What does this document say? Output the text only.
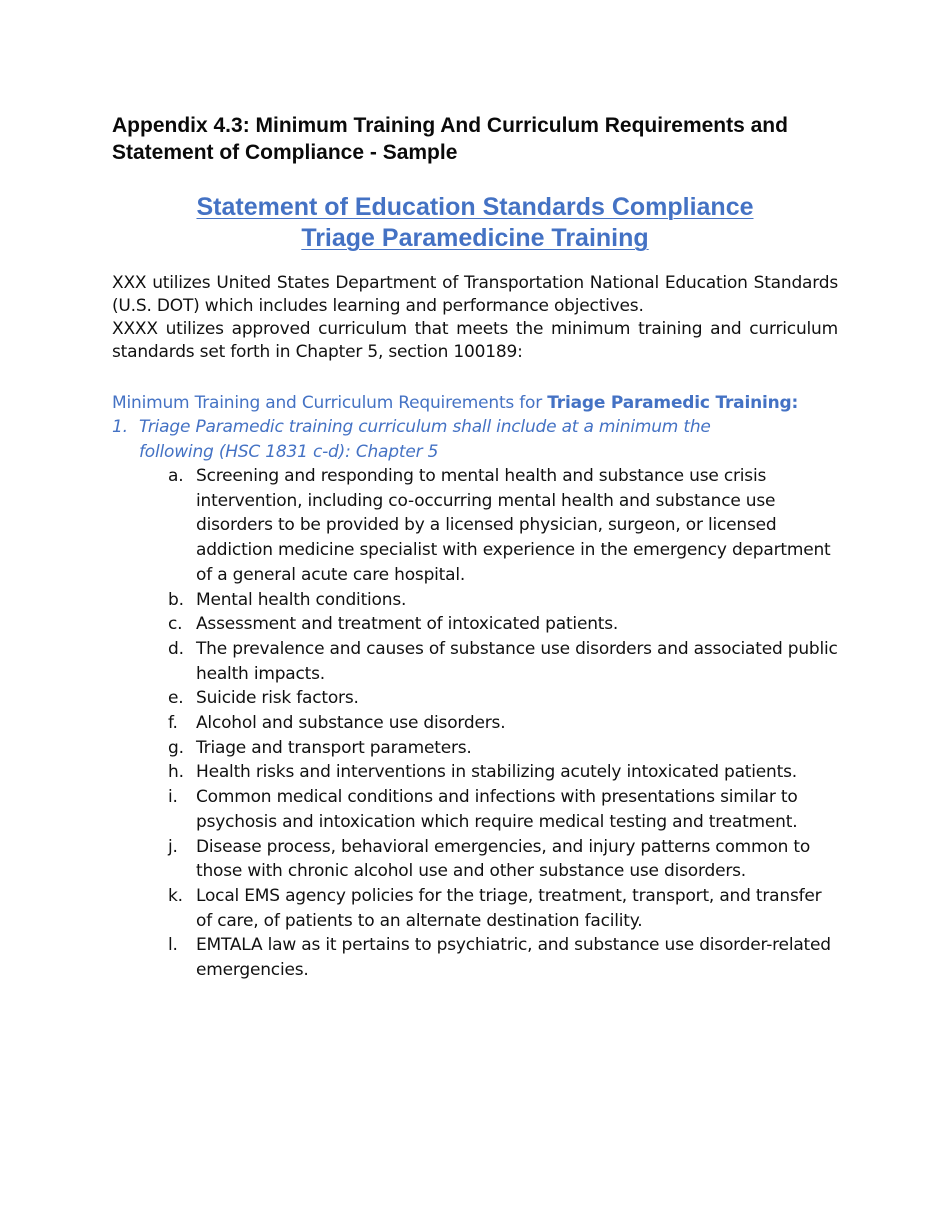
Appendix 4.3: Minimum Training And Curriculum Requirements and
Statement of Compliance - Sample
Statement of Education Standards Compliance
Triage Paramedicine Training

XXX utilizes United States Department of Transportation National Education Standards (U.S. DOT) which includes learning and performance objectives.

XXXX utilizes approved curriculum that meets the minimum training and curriculum standards set forth in Chapter 5, section 100189:

Minimum Training and Curriculum Requirements for Triage Paramedic Training:
1. Triage Paramedic training curriculum shall include at a minimum the following (HSC 1831 c-d): Chapter 5
a. Screening and responding to mental health and substance use crisis intervention, including co-occurring mental health and substance use disorders to be provided by a licensed physician, surgeon, or licensed addiction medicine specialist with experience in the emergency department of a general acute care hospital.
b. Mental health conditions.
c. Assessment and treatment of intoxicated patients.
d. The prevalence and causes of substance use disorders and associated public health impacts.
e. Suicide risk factors.
f.	Alcohol and substance use disorders.
g. Triage and transport parameters.
h. Health risks and interventions in stabilizing acutely intoxicated patients.
i.	Common medical conditions and infections with presentations similar to psychosis and intoxication which require medical testing and treatment.
j.	Disease process, behavioral emergencies, and injury patterns common to those with chronic alcohol use and other substance use disorders.
k. Local EMS agency policies for the triage, treatment, transport, and transfer of care, of patients to an alternate destination facility.
l.	EMTALA law as it pertains to psychiatric, and substance use disorder-related emergencies.
